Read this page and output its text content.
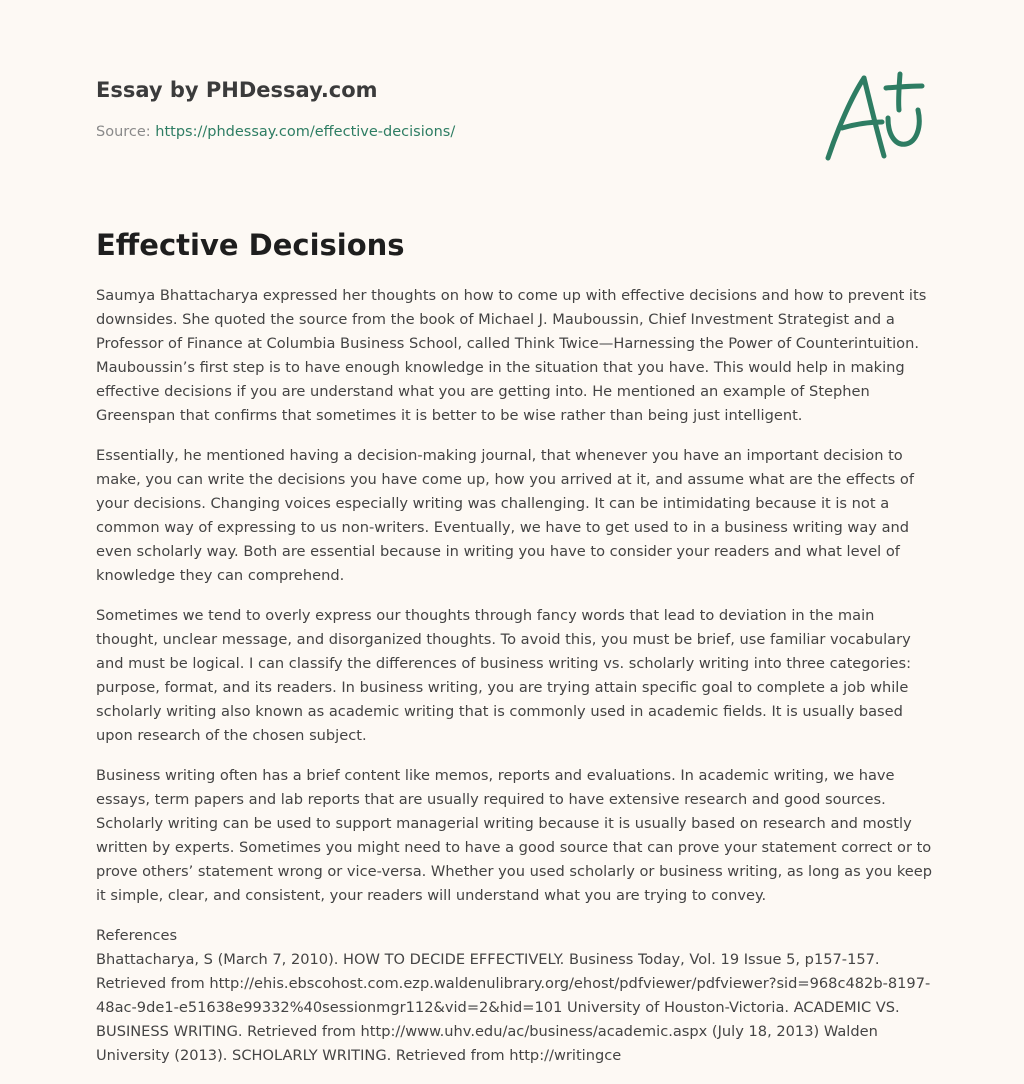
Essay by PHDessay.com
Source: https://phdessay.com/effective-decisions/
Effective Decisions

Saumya Bhattacharya expressed her thoughts on how to come up with effective decisions and how to prevent its downsides. She quoted the source from the book of Michael J. Mauboussin, Chief Investment Strategist and a Professor of Finance at Columbia Business School, called Think Twice—Harnessing the Power of Counterintuition. Mauboussin’s first step is to have enough knowledge in the situation that you have. This would help in making effective decisions if you are understand what you are getting into. He mentioned an example of Stephen Greenspan that confirms that sometimes it is better to be wise rather than being just intelligent.

Essentially, he mentioned having a decision-making journal, that whenever you have an important decision to make, you can write the decisions you have come up, how you arrived at it, and assume what are the effects of your decisions. Changing voices especially writing was challenging. It can be intimidating because it is not a common way of expressing to us non-writers. Eventually, we have to get used to in a business writing way and even scholarly way. Both are essential because in writing you have to consider your readers and what level of knowledge they can comprehend.

Sometimes we tend to overly express our thoughts through fancy words that lead to deviation in the main thought, unclear message, and disorganized thoughts. To avoid this, you must be brief, use familiar vocabulary and must be logical. I can classify the differences of business writing vs. scholarly writing into three categories: purpose, format, and its readers. In business writing, you are trying attain specific goal to complete a job while scholarly writing also known as academic writing that is commonly used in academic fields. It is usually based upon research of the chosen subject.

Business writing often has a brief content like memos, reports and evaluations. In academic writing, we have essays, term papers and lab reports that are usually required to have extensive research and good sources. Scholarly writing can be used to support managerial writing because it is usually based on research and mostly written by experts. Sometimes you might need to have a good source that can prove your statement correct or to prove others’ statement wrong or vice-versa. Whether you used scholarly or business writing, as long as you keep it simple, clear, and consistent, your readers will understand what you are trying to convey.

References

Bhattacharya, S (March 7, 2010). HOW TO DECIDE EFFECTIVELY. Business Today, Vol. 19 Issue 5, p157-157. Retrieved from http://ehis.ebscohost.com.ezp.waldenulibrary.org/ehost/pdfviewer/pdfviewer?sid=968c482b-8197-48ac-9de1-e51638e99332%40sessionmgr112&vid=2&hid=101 University of Houston-Victoria. ACADEMIC VS. BUSINESS WRITING. Retrieved from http://www.uhv.edu/ac/business/academic.aspx (July 18, 2013) Walden University (2013). SCHOLARLY WRITING. Retrieved from http://writingce
